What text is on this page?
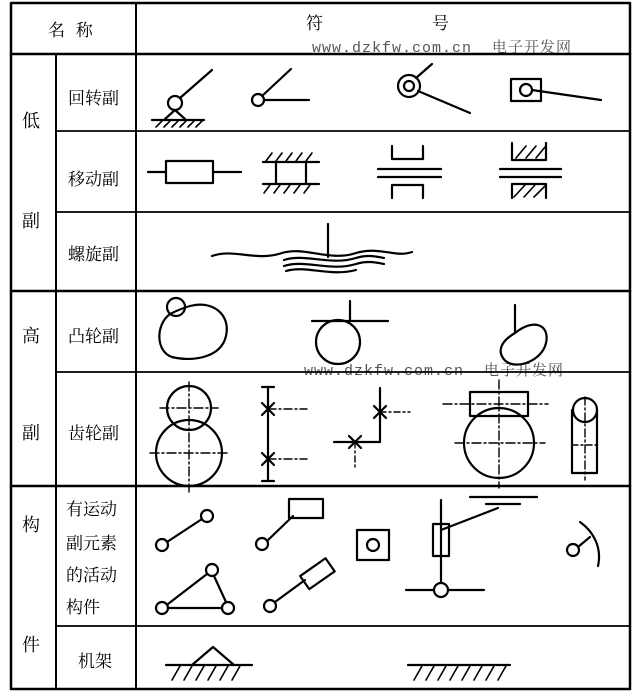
名  称	符	号
www.dzkfw.com.cn  电子开发网
www.dzkfw.com.cn  电子开发网
低
副
高
副
构
件
回转副
移动副
螺旋副
凸轮副
齿轮副
有运动
副元素
的活动
构件
机架
